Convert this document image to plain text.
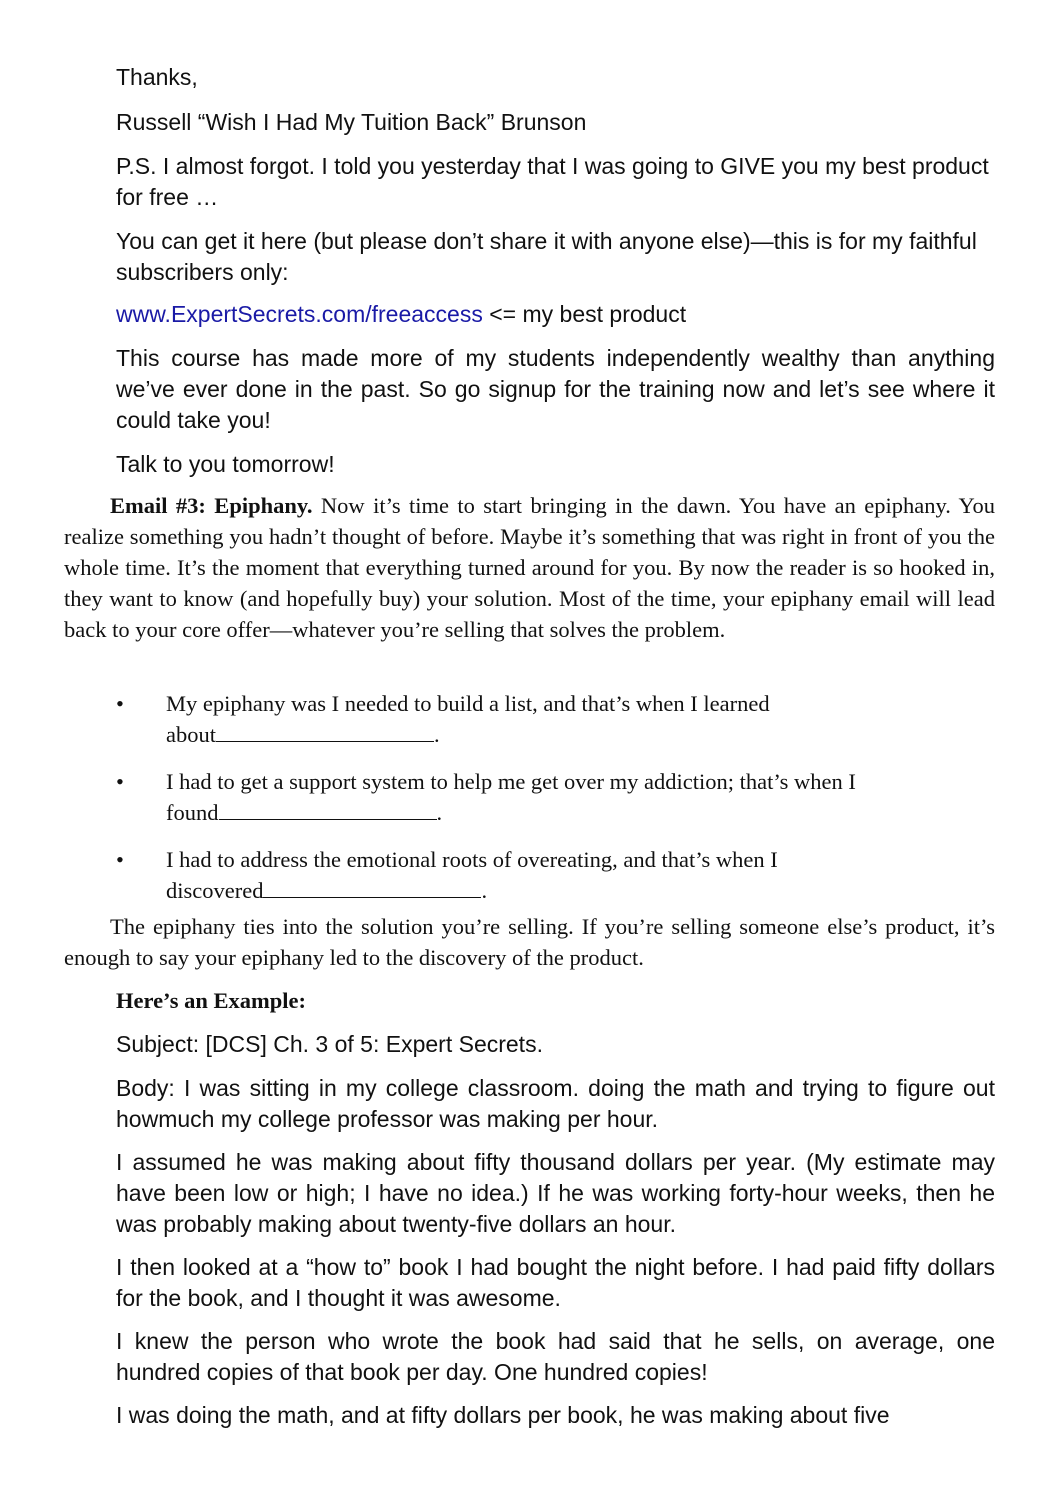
Thanks,

Russell “Wish I Had My Tuition Back” Brunson

P.S. I almost forgot. I told you yesterday that I was going to GIVE you my best product for free …

You can get it here (but please don’t share it with anyone else)—this is for my faithful subscribers only:

www.ExpertSecrets.com/freeaccess <= my best product

This course has made more of my students independently wealthy than anything we’ve ever done in the past. So go signup for the training now and let’s see where it could take you!

Talk to you tomorrow!

Email #3: Epiphany. Now it’s time to start bringing in the dawn. You have an epiphany. You realize something you hadn’t thought of before. Maybe it’s something that was right in front of you the whole time. It’s the moment that everything turned around for you. By now the reader is so hooked in, they want to know (and hopefully buy) your solution. Most of the time, your epiphany email will lead back to your core offer—whatever you’re selling that solves the problem.

•	My epiphany was I needed to build a list, and that’s when I learned
about	.
•	I had to get a support system to help me get over my addiction; that’s when I
found	.
•	I had to address the emotional roots of overeating, and that’s when I
discovered	.

The epiphany ties into the solution you’re selling. If you’re selling someone else’s product, it’s enough to say your epiphany led to the discovery of the product.

Here’s an Example:

Subject: [DCS] Ch. 3 of 5: Expert Secrets.

Body: I was sitting in my college classroom. doing the math and trying to figure out howmuch my college professor was making per hour.

I assumed he was making about fifty thousand dollars per year. (My estimate may have been low or high; I have no idea.) If he was working forty-hour weeks, then he was probably making about twenty-five dollars an hour.

I then looked at a “how to” book I had bought the night before. I had paid fifty dollars for the book, and I thought it was awesome.

I knew the person who wrote the book had said that he sells, on average, one hundred copies of that book per day. One hundred copies!

I was doing the math, and at fifty dollars per book, he was making about five
